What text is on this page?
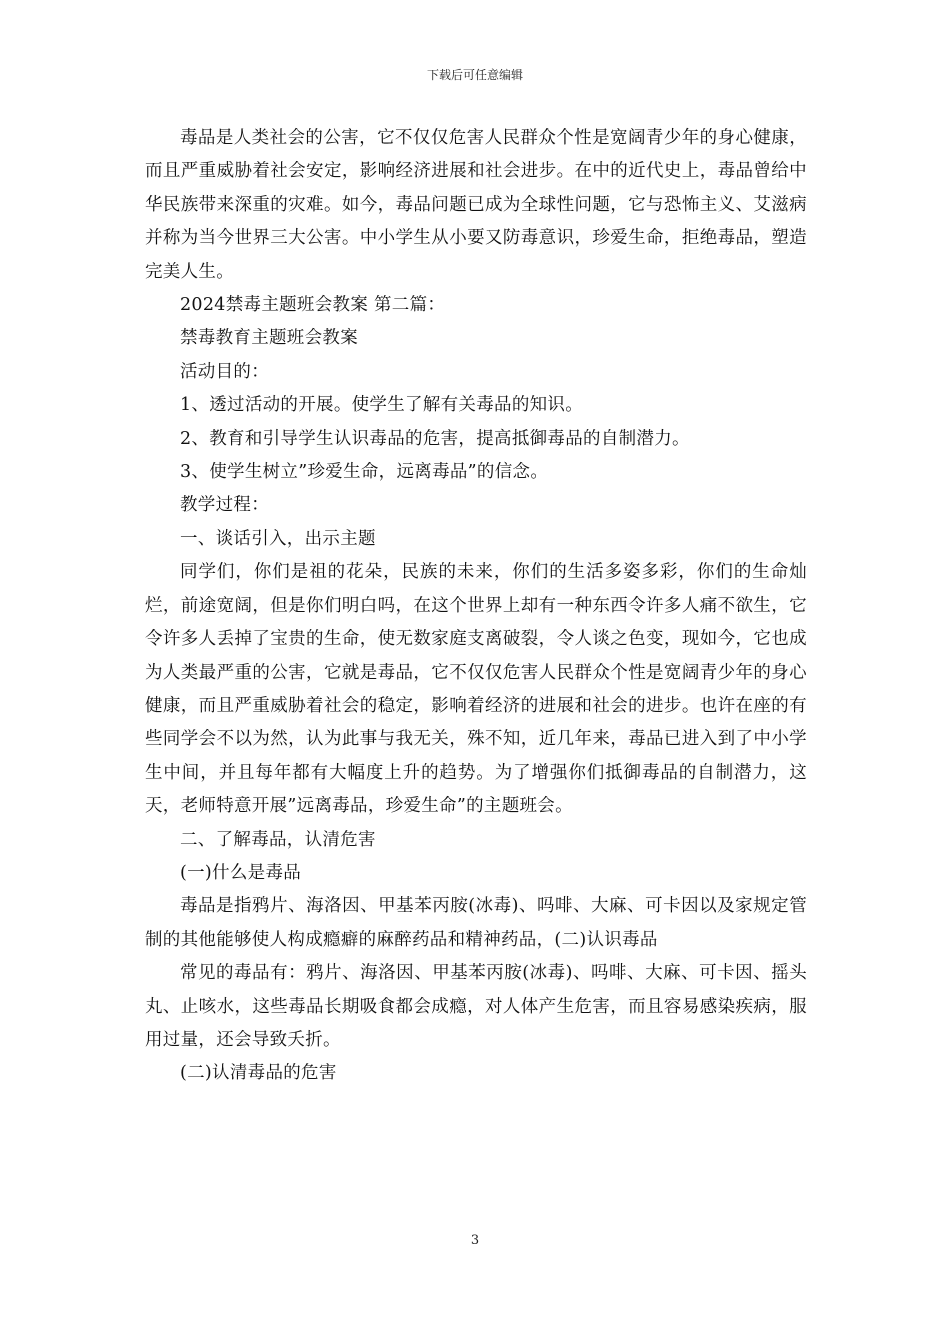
下载后可任意编辑

毒品是人类社会的公害，它不仅仅危害人民群众个性是宽阔青少年的身心健康，而且严重威胁着社会安定，影响经济进展和社会进步。在中的近代史上，毒品曾给中华民族带来深重的灾难。如今，毒品问题已成为全球性问题，它与恐怖主义、艾滋病并称为当今世界三大公害。中小学生从小要又防毒意识，珍爱生命，拒绝毒品，塑造完美人生。

2024禁毒主题班会教案 第二篇：

禁毒教育主题班会教案

活动目的：

1、透过活动的开展。使学生了解有关毒品的知识。

2、教育和引导学生认识毒品的危害，提高抵御毒品的自制潜力。

3、使学生树立”珍爱生命，远离毒品”的信念。

教学过程：

一、谈话引入，出示主题

同学们，你们是祖的花朵，民族的未来，你们的生活多姿多彩，你们的生命灿烂，前途宽阔，但是你们明白吗，在这个世界上却有一种东西令许多人痛不欲生，它令许多人丢掉了宝贵的生命，使无数家庭支离破裂，令人谈之色变，现如今，它也成为人类最严重的公害，它就是毒品，它不仅仅危害人民群众个性是宽阔青少年的身心健康，而且严重威胁着社会的稳定，影响着经济的进展和社会的进步。也许在座的有些同学会不以为然，认为此事与我无关，殊不知，近几年来，毒品已进入到了中小学生中间，并且每年都有大幅度上升的趋势。为了增强你们抵御毒品的自制潜力，这天，老师特意开展”远离毒品，珍爱生命”的主题班会。

二、了解毒品，认清危害

(一)什么是毒品

毒品是指鸦片、海洛因、甲基苯丙胺(冰毒)、吗啡、大麻、可卡因以及家规定管制的其他能够使人构成瘾癖的麻醉药品和精神药品，(二)认识毒品

常见的毒品有：鸦片、海洛因、甲基苯丙胺(冰毒)、吗啡、大麻、可卡因、摇头丸、止咳水，这些毒品长期吸食都会成瘾，对人体产生危害，而且容易感染疾病，服用过量，还会导致夭折。

(二)认清毒品的危害

3
